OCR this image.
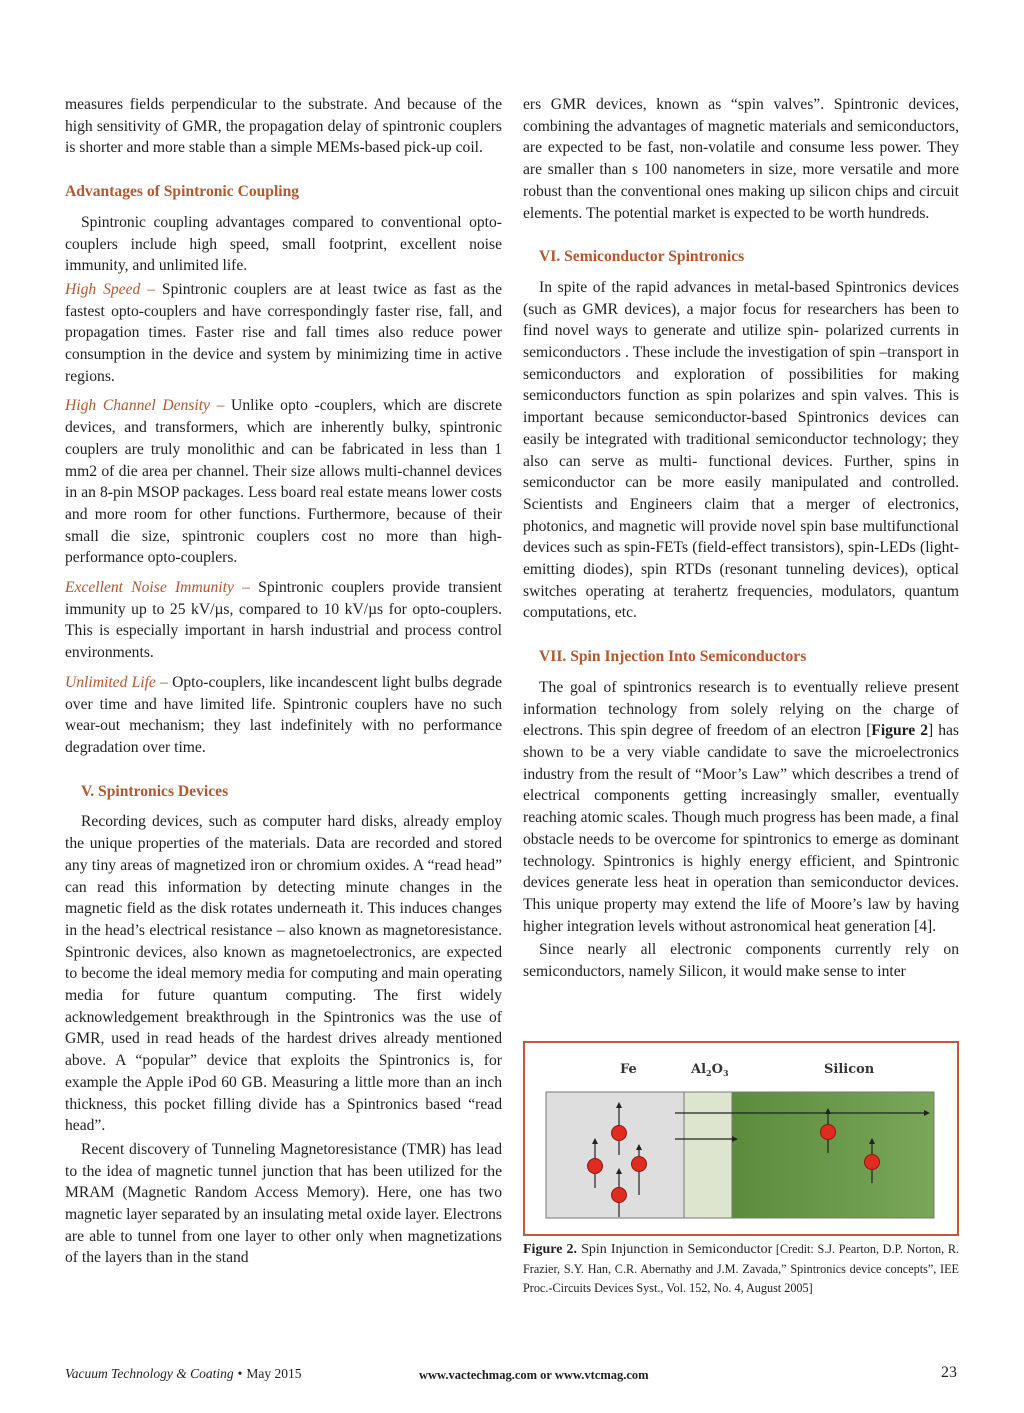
measures fields perpendicular to the substrate. And because of the high sensitivity of GMR, the propagation delay of spintronic couplers is shorter and more stable than a simple MEMs-based pick-up coil.

Advantages of Spintronic Coupling

Spintronic coupling advantages compared to conventional opto-couplers include high speed, small footprint, excellent noise immunity, and unlimited life.

High Speed – Spintronic couplers are at least twice as fast as the fastest opto-couplers and have correspondingly faster rise, fall, and propagation times. Faster rise and fall times also reduce power consumption in the device and system by minimizing time in active regions.

High Channel Density – Unlike opto -couplers, which are discrete devices, and transformers, which are inherently bulky, spintronic couplers are truly monolithic and can be fabricated in less than 1 mm2 of die area per channel. Their size allows multi-channel devices in an 8-pin MSOP packages. Less board real estate means lower costs and more room for other functions. Furthermore, because of their small die size, spintronic couplers cost no more than high-performance opto-couplers.

Excellent Noise Immunity – Spintronic couplers provide transient immunity up to 25 kV/µs, compared to 10 kV/µs for opto-couplers. This is especially important in harsh industrial and process control environments.

Unlimited Life – Opto-couplers, like incandescent light bulbs degrade over time and have limited life. Spintronic couplers have no such wear-out mechanism; they last indefinitely with no performance degradation over time.

V. Spintronics Devices

Recording devices, such as computer hard disks, already employ the unique properties of the materials. Data are recorded and stored any tiny areas of magnetized iron or chromium oxides. A “read head” can read this information by detecting minute changes in the magnetic field as the disk rotates underneath it. This induces changes in the head’s electrical resistance – also known as magnetoresistance. Spintronic devices, also known as magnetoelectronics, are expected to become the ideal memory media for computing and main operating media for future quantum computing. The first widely acknowledgement breakthrough in the Spintronics was the use of GMR, used in read heads of the hardest drives already mentioned above. A “popular” device that exploits the Spintronics is, for example the Apple iPod 60 GB. Measuring a little more than an inch thickness, this pocket filling divide has a Spintronics based “read head”.

Recent discovery of Tunneling Magnetoresistance (TMR) has lead to the idea of magnetic tunnel junction that has been utilized for the MRAM (Magnetic Random Access Memory). Here, one has two magnetic layer separated by an insulating metal oxide layer. Electrons are able to tunnel from one layer to other only when magnetizations of the layers than in the stand

ers GMR devices, known as “spin valves”. Spintronic devices, combining the advantages of magnetic materials and semiconductors, are expected to be fast, non-volatile and consume less power. They are smaller than s 100 nanometers in size, more versatile and more robust than the conventional ones making up silicon chips and circuit elements. The potential market is expected to be worth hundreds.

VI. Semiconductor Spintronics

In spite of the rapid advances in metal-based Spintronics devices (such as GMR devices), a major focus for researchers has been to find novel ways to generate and utilize spin- polarized currents in semiconductors . These include the investigation of spin –transport in semiconductors and exploration of possibilities for making semiconductors function as spin polarizes and spin valves. This is important because semiconductor-based Spintronics devices can easily be integrated with traditional semiconductor technology; they also can serve as multi- functional devices. Further, spins in semiconductor can be more easily manipulated and controlled. Scientists and Engineers claim that a merger of electronics, photonics, and magnetic will provide novel spin base multifunctional devices such as spin-FETs (field-effect transistors), spin-LEDs (light-emitting diodes), spin RTDs (resonant tunneling devices), optical switches operating at terahertz frequencies, modulators, quantum computations, etc.

VII. Spin Injection Into Semiconductors

The goal of spintronics research is to eventually relieve present information technology from solely relying on the charge of electrons. This spin degree of freedom of an electron [Figure 2] has shown to be a very viable candidate to save the microelectronics industry from the result of “Moor’s Law” which describes a trend of electrical components getting increasingly smaller, eventually reaching atomic scales. Though much progress has been made, a final obstacle needs to be overcome for spintronics to emerge as dominant technology. Spintronics is highly energy efficient, and Spintronic devices generate less heat in operation than semiconductor devices. This unique property may extend the life of Moore’s law by having higher integration levels without astronomical heat generation [4].

Since nearly all electronic components currently rely on semiconductors, namely Silicon, it would make sense to inter

Fe	$Al_2O_3$	Silicon
Figure 2. Spin Injunction in Semiconductor [Credit: S.J. Pearton, D.P. Norton, R. Frazier, S.Y. Han, C.R. Abernathy and J.M. Zavada,” Spintronics device concepts”, IEE Proc.-Circuits Devices Syst., Vol. 152, No. 4, August 2005]
Vacuum Technology & Coating • May 2015	www.vactechmag.com or www.vtcmag.com	23
